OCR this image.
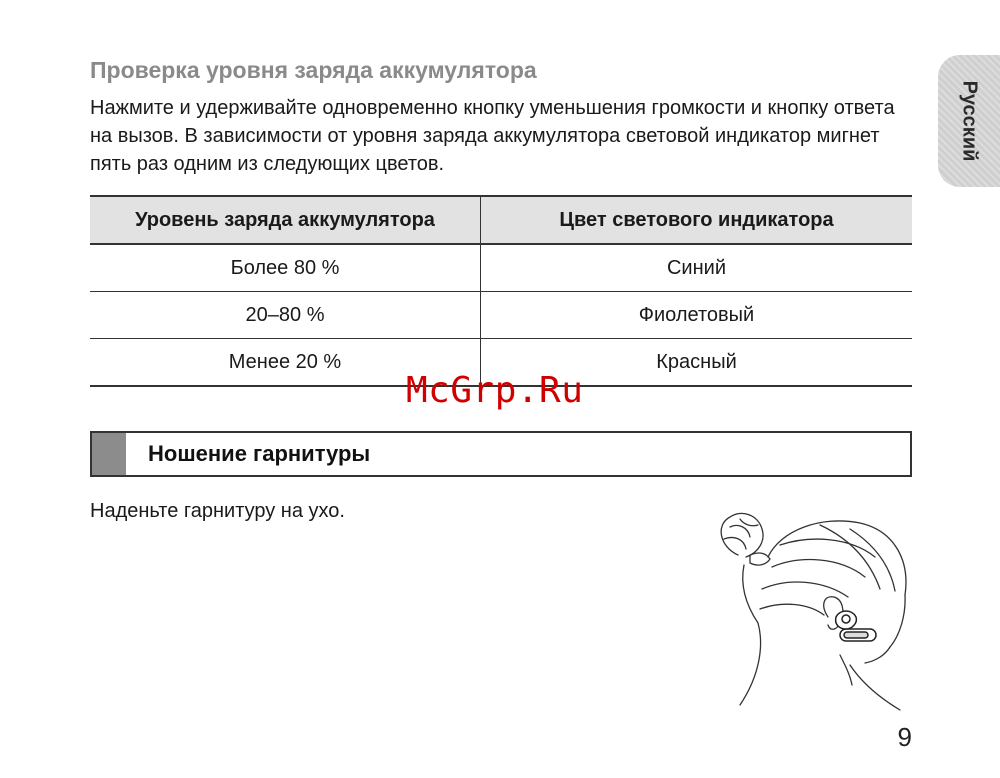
Проверка уровня заряда аккумулятора

Нажмите и удерживайте одновременно кнопку уменьшения громкости и кнопку ответа на вызов. В зависимости от уровня заряда аккумулятора световой индикатор мигнет пять раз одним из следующих цветов.

Русский
Уровень заряда аккумулятора	Цвет светового индикатора
Более 80 %	Синий
20–80 %	Фиолетовый
Менее 20 %	Красный
McGrp.Ru
Ношение гарнитуры

Наденьте гарнитуру на ухо.

9
